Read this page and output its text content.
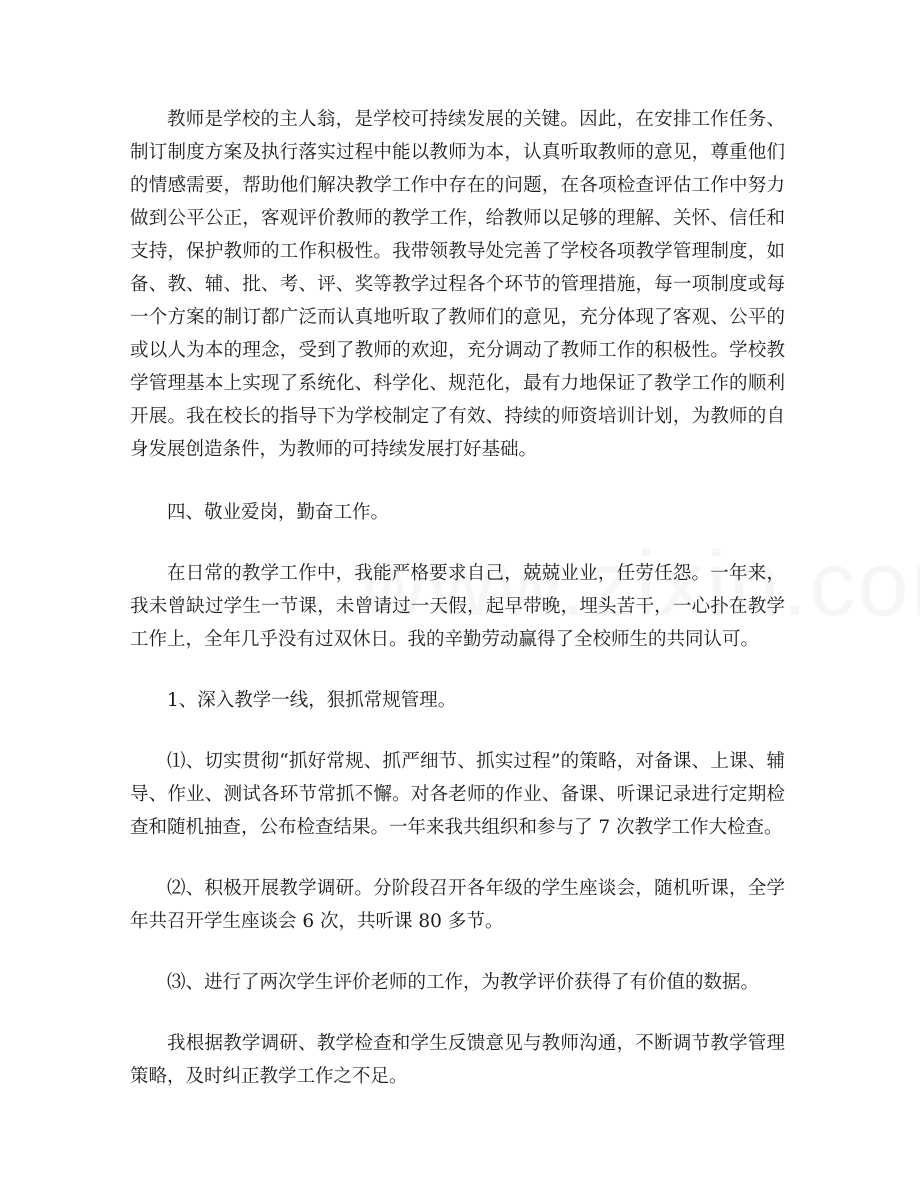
教师是学校的主人翁，是学校可持续发展的关键。因此，在安排工作任务、制订制度方案及执行落实过程中能以教师为本，认真听取教师的意见，尊重他们的情感需要，帮助他们解决教学工作中存在的问题，在各项检查评估工作中努力做到公平公正，客观评价教师的教学工作，给教师以足够的理解、关怀、信任和支持，保护教师的工作积极性。我带领教导处完善了学校各项教学管理制度，如备、教、辅、批、考、评、奖等教学过程各个环节的管理措施，每一项制度或每一个方案的制订都广泛而认真地听取了教师们的意见，充分体现了客观、公平的或以人为本的理念，受到了教师的欢迎，充分调动了教师工作的积极性。学校教学管理基本上实现了系统化、科学化、规范化，最有力地保证了教学工作的顺利开展。我在校长的指导下为学校制定了有效、持续的师资培训计划，为教师的自身发展创造条件，为教师的可持续发展打好基础。

四、敬业爱岗，勤奋工作。

在日常的教学工作中，我能严格要求自己，兢兢业业，任劳任怨。一年来，我未曾缺过学生一节课，未曾请过一天假，起早带晚，埋头苦干，一心扑在教学工作上，全年几乎没有过双休日。我的辛勤劳动赢得了全校师生的共同认可。

1、深入教学一线，狠抓常规管理。

⑴、切实贯彻“抓好常规、抓严细节、抓实过程”的策略，对备课、上课、辅导、作业、测试各环节常抓不懈。对各老师的作业、备课、听课记录进行定期检查和随机抽查，公布检查结果。一年来我共组织和参与了 7 次教学工作大检查。

⑵、积极开展教学调研。分阶段召开各年级的学生座谈会，随机听课，全学年共召开学生座谈会 6 次，共听课 80 多节。

⑶、进行了两次学生评价老师的工作，为教学评价获得了有价值的数据。

我根据教学调研、教学检查和学生反馈意见与教师沟通，不断调节教学管理策略，及时纠正教学工作之不足。
